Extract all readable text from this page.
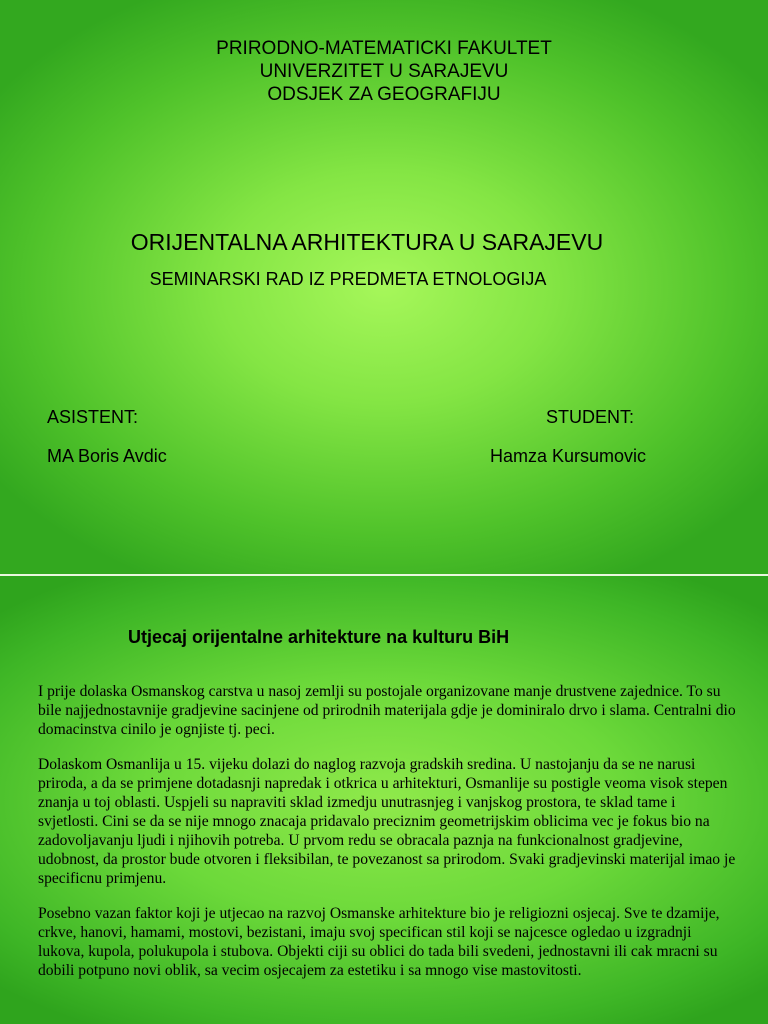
PRIRODNO-MATEMATICKI FAKULTET
UNIVERZITET U SARAJEVU
ODSJEK ZA GEOGRAFIJU
ORIJENTALNA ARHITEKTURA U SARAJEVU
SEMINARSKI RAD IZ PREDMETA ETNOLOGIJA
ASISTENT:
MA Boris Avdic
STUDENT:
Hamza Kursumovic
Utjecaj orijentalne arhitekture na kulturu BiH

I prije dolaska Osmanskog carstva u nasoj zemlji su postojale organizovane manje drustvene zajednice. To su bile najjednostavnije gradjevine sacinjene od prirodnih materijala gdje je dominiralo drvo i slama. Centralni dio domacinstva cinilo je ognjiste tj. peci.

Dolaskom Osmanlija u 15. vijeku dolazi do naglog razvoja gradskih sredina. U nastojanju da se ne narusi priroda, a da se primjene dotadasnji napredak i otkrica u arhitekturi, Osmanlije su postigle veoma visok stepen znanja u toj oblasti. Uspjeli su napraviti sklad izmedju unutrasnjeg i vanjskog prostora, te sklad tame i svjetlosti. Cini se da se nije mnogo znacaja pridavalo preciznim geometrijskim oblicima vec je fokus bio na zadovoljavanju ljudi i njihovih potreba. U prvom redu se obracala paznja na funkcionalnost gradjevine, udobnost, da prostor bude otvoren i fleksibilan, te povezanost sa prirodom. Svaki gradjevinski materijal imao je specificnu primjenu.

Posebno vazan faktor koji je utjecao na razvoj Osmanske arhitekture bio je religiozni osjecaj. Sve te dzamije, crkve, hanovi, hamami, mostovi, bezistani, imaju svoj specifican stil koji se najcesce ogledao u izgradnji lukova, kupola, polukupola i stubova. Objekti ciji su oblici do tada bili svedeni, jednostavni ili cak mracni su dobili potpuno novi oblik, sa vecim osjecajem za estetiku i sa mnogo vise mastovitosti.
